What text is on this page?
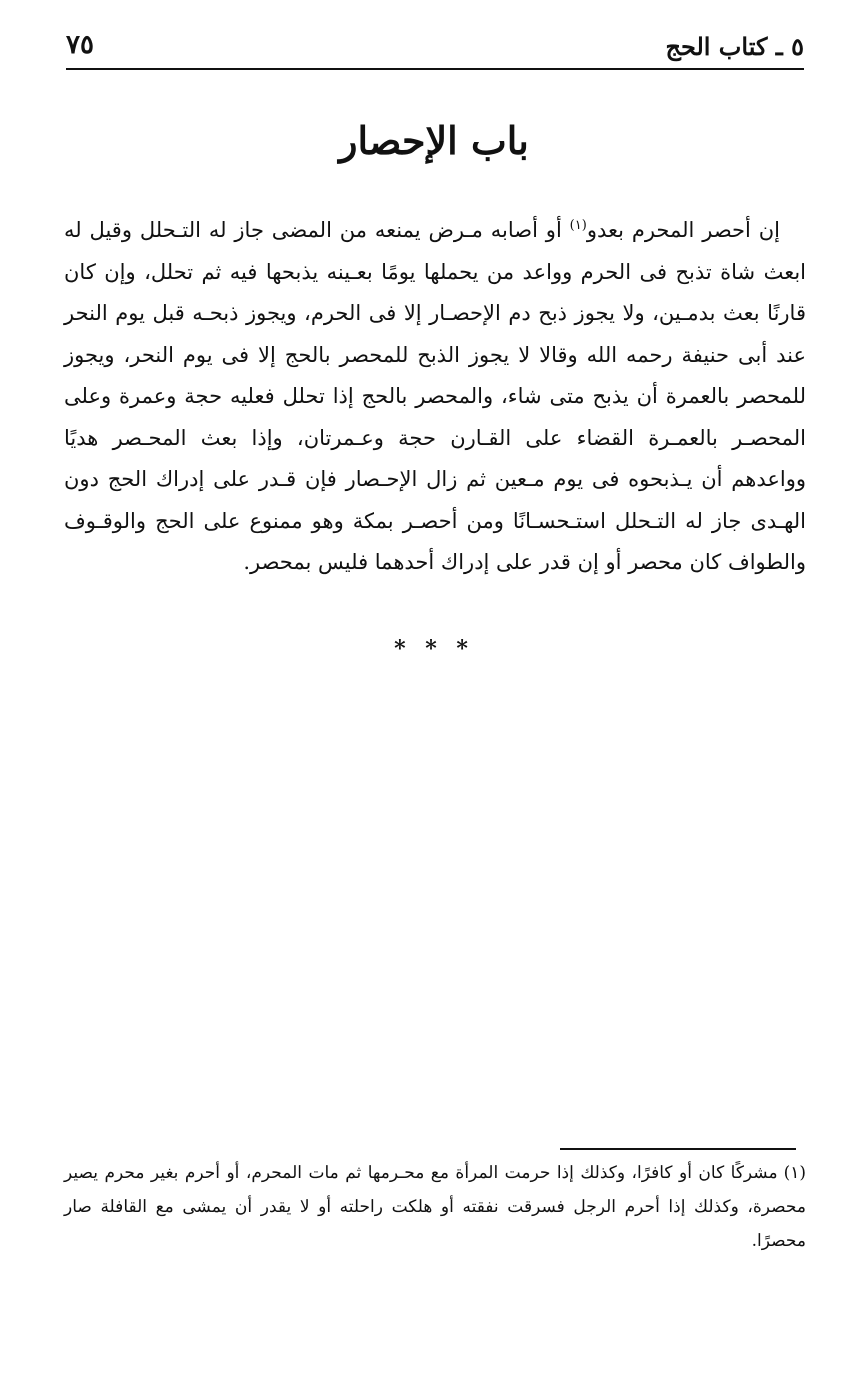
٥ ـ كتاب الحج
٧٥
باب الإحصار

إن أحصر المحرم بعدو$^{(١)}$ أو أصابه مـرض يمنعه من المضى جاز له التـحلل وقيل له ابعث شاة تذبح فى الحرم وواعد من يحملها يومًا بعـينه يذبحها فيه ثم تحلل، وإن كان قارنًا بعث بدمـين، ولا يجوز ذبح دم الإحصـار إلا فى الحرم، ويجوز ذبحـه قبل يوم النحر عند أبى حنيفة رحمه الله وقالا لا يجوز الذبح للمحصر بالحج إلا فى يوم النحر، ويجوز للمحصر بالعمرة أن يذبح متى شاء، والمحصر بالحج إذا تحلل فعليه حجة وعمرة وعلى المحصـر بالعمـرة القضاء على القـارن حجة وعـمرتان، وإذا بعث المحـصر هديًا وواعدهم أن يـذبحوه فى يوم مـعين ثم زال الإحـصار فإن قـدر على إدراك الحج دون الهـدى جاز له التـحلل استـحسـانًا ومن أحصـر بمكة وهو ممنوع على الحج والوقـوف والطواف كان محصر أو إن قدر على إدراك أحدهما فليس بمحصر.

* * *

(١)مشركًا كان أو كافرًا، وكذلك إذا حرمت المرأة مع محـرمها ثم مات المحرم، أو أحرم بغير محرم يصير محصرة، وكذلك إذا أحرم الرجل فسرقت نفقته أو هلكت راحلته أو لا يقدر أن يمشى مع القافلة صار محصرًا.
